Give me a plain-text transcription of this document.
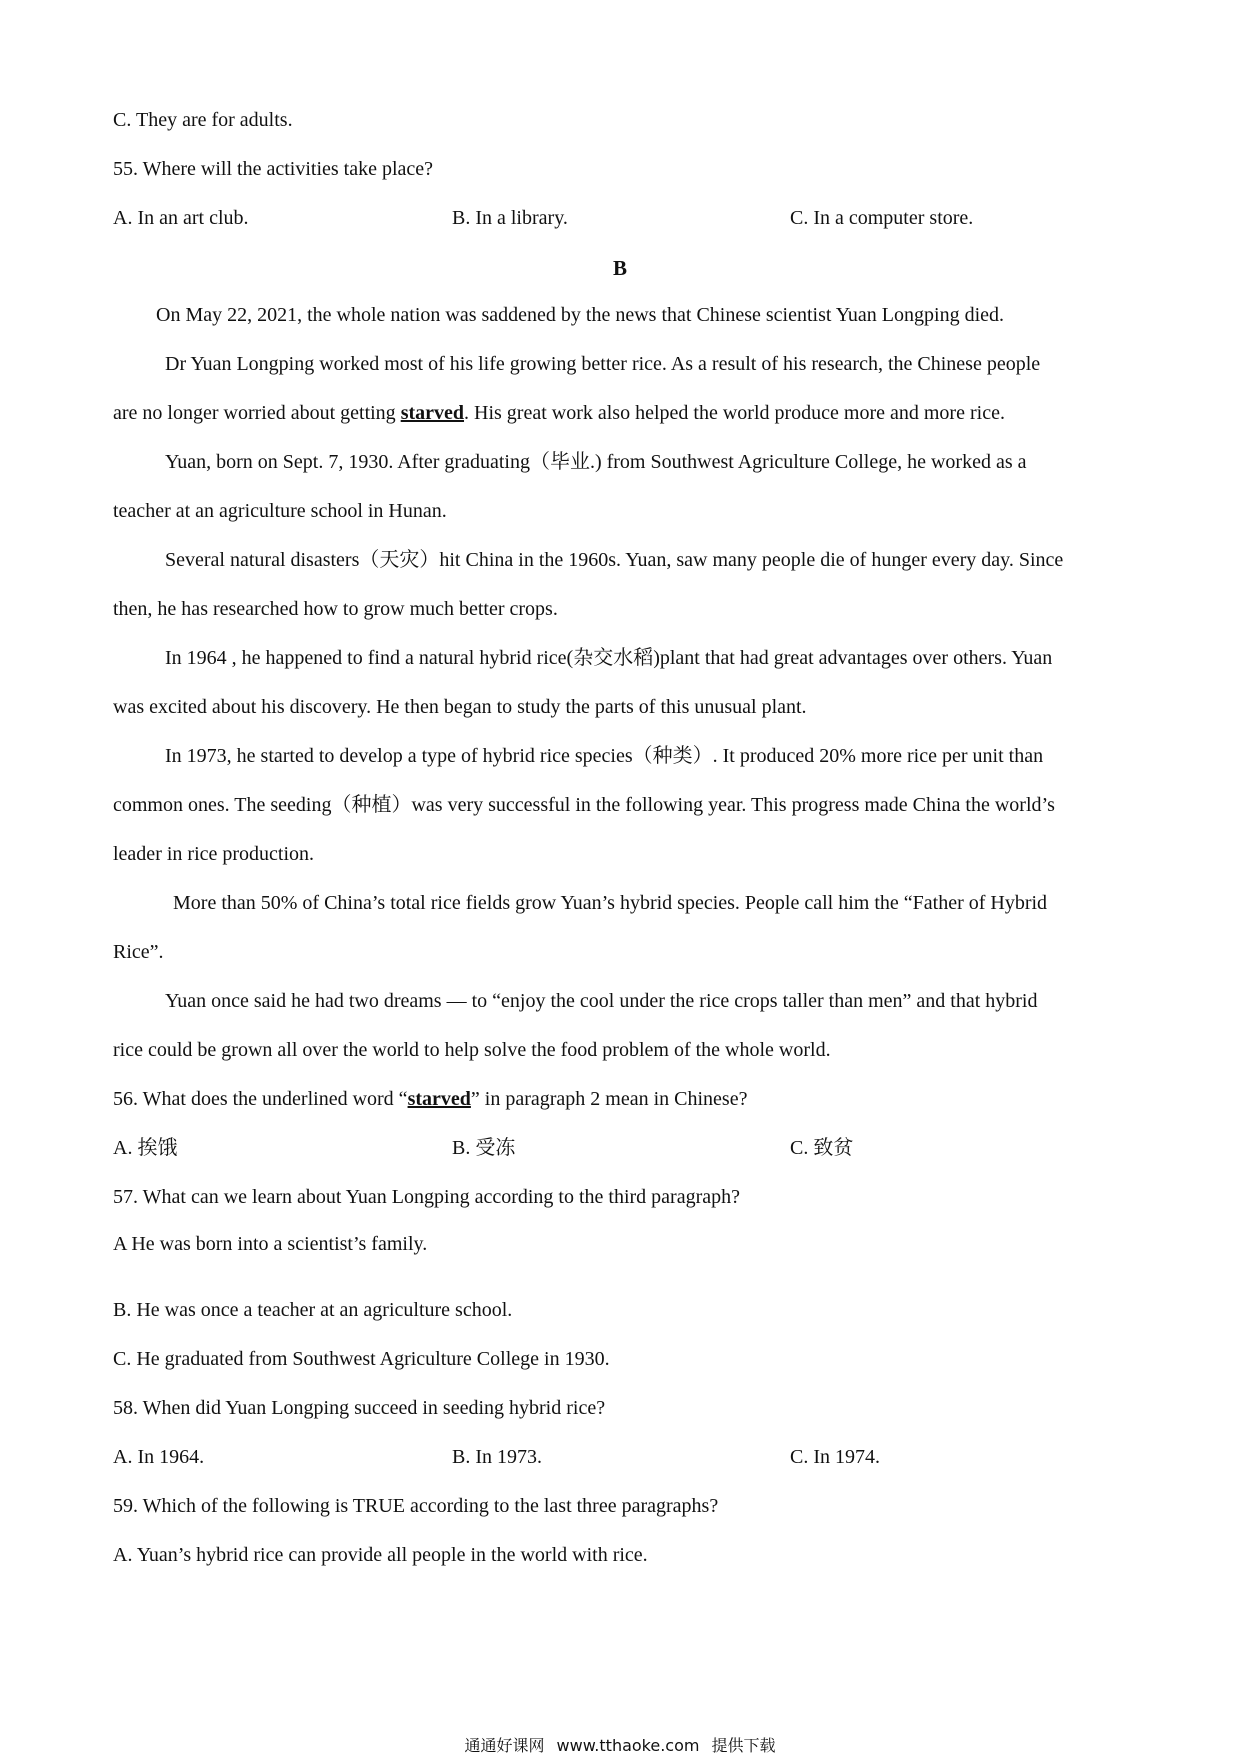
C. They are for adults.
55. Where will the activities take place?
A. In an art club.	B. In a library.	C. In a computer store.
B
On May 22, 2021, the whole nation was saddened by the news that Chinese scientist Yuan Longping died.
Dr Yuan Longping worked most of his life growing better rice. As a result of his research, the Chinese people
are no longer worried about getting starved. His great work also helped the world produce more and more rice.
Yuan, born on Sept. 7, 1930. After graduating（毕业.) from Southwest Agriculture College, he worked as a
teacher at an agriculture school in Hunan.
Several natural disasters（天灾）hit China in the 1960s. Yuan, saw many people die of hunger every day. Since
then, he has researched how to grow much better crops.
In 1964 , he happened to find a natural hybrid rice(杂交水稻)plant that had great advantages over others. Yuan
was excited about his discovery. He then began to study the parts of this unusual plant.
In 1973, he started to develop a type of hybrid rice species（种类）. It produced 20% more rice per unit than
common ones. The seeding（种植）was very successful in the following year. This progress made China the world’s
leader in rice production.
More than 50% of China’s total rice fields grow Yuan’s hybrid species. People call him the “Father of Hybrid
Rice”.
Yuan once said he had two dreams — to “enjoy the cool under the rice crops taller than men” and that hybrid
rice could be grown all over the world to help solve the food problem of the whole world.
56. What does the underlined word “starved” in paragraph 2 mean in Chinese?
A. 挨饿	B. 受冻	C. 致贫
57. What can we learn about Yuan Longping according to the third paragraph?
A He was born into a scientist’s family.
B. He was once a teacher at an agriculture school.
C. He graduated from Southwest Agriculture College in 1930.
58. When did Yuan Longping succeed in seeding hybrid rice?
A. In 1964.	B. In 1973.	C. In 1974.
59. Which of the following is TRUE according to the last three paragraphs?
A. Yuan’s hybrid rice can provide all people in the world with rice.
通通好课网 www.tthaoke.com 提供下载
